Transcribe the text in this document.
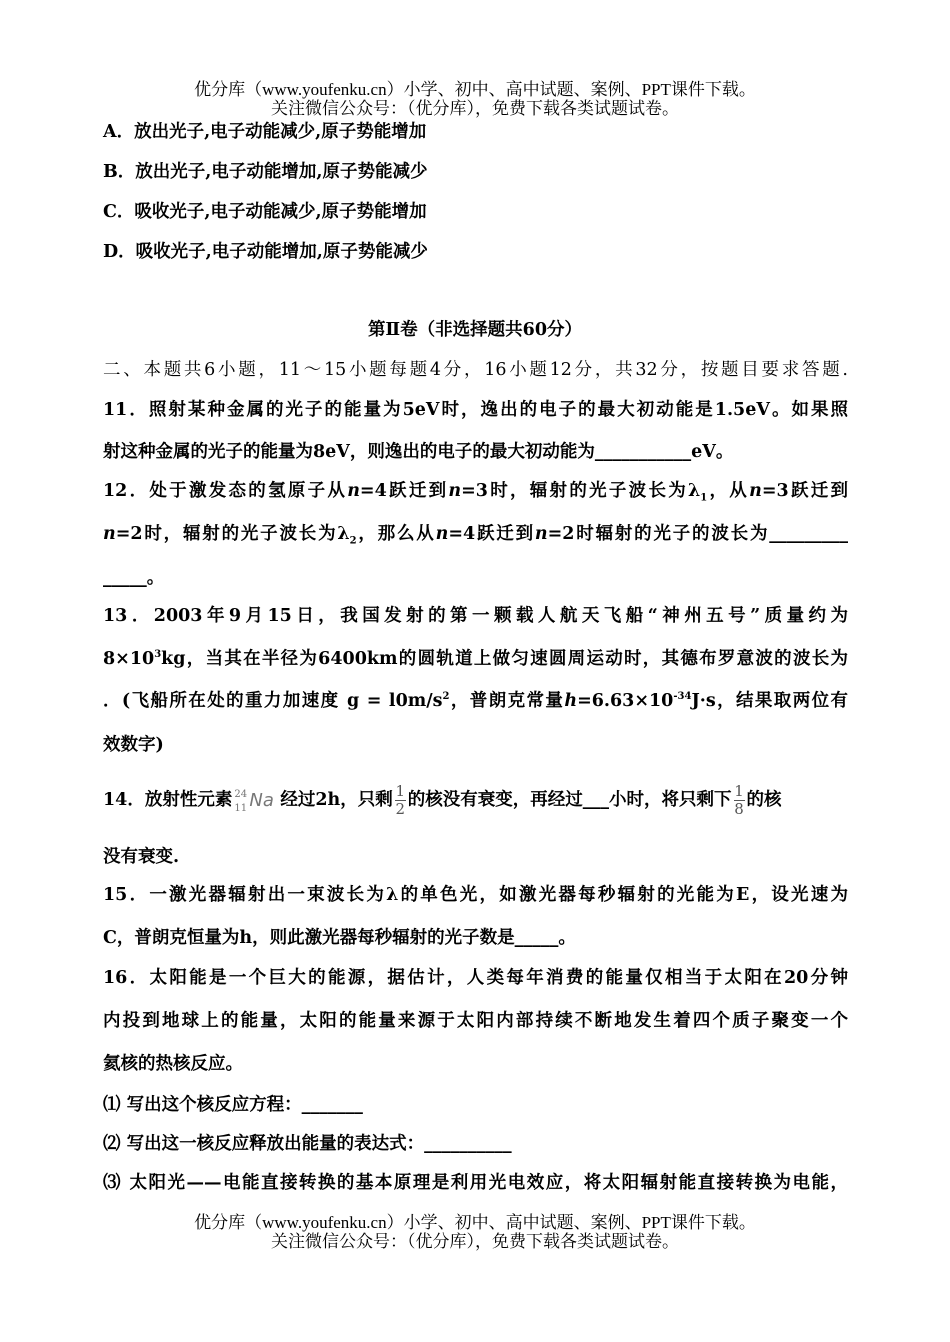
优分库（www.youfenku.cn）小学、初中、高中试题、案例、PPT课件下载。
关注微信公众号：（优分库），免费下载各类试题试卷。
A．放出光子,电子动能减少,原子势能增加
B．放出光子,电子动能增加,原子势能减少
C．吸收光子,电子动能减少,原子势能增加
D．吸收光子,电子动能增加,原子势能减少
第Ⅱ卷（非选择题共60分）
二、本题共6小题，11～15小题每题4分，16小题12分，共32分，按题目要求答题.
11．照射某种金属的光子的能量为5eV时，逸出的电子的最大初动能是1.5eV。如果照
射这种金属的光子的能量为8eV，则逸出的电子的最大初动能为___________eV。
12．处于激发态的氢原子从n=4跃迁到n=3时，辐射的光子波长为$\lambda_1$，从n=3跃迁到
n=2时，辐射的光子波长为$\lambda_2$，那么从n=4跃迁到n=2时辐射的光子的波长为_________
_____。
13．2003年9月15日，我国发射的第一颗载人航天飞船“神州五号”质量约为
$8\times 10^3kg$，当其在半径为6400km的圆轨道上做匀速圆周运动时，其德布罗意波的波长为
．(飞船所在处的重力加速度 $g = l0m/s^2$，普朗克常量$h=6.63\times 10^{-34}J\cdot s$，结果取两位有
效数字)
14．放射性元素 24
11 Na 经过2h，只剩 $\frac{1}{2}$ 的核没有衰变，再经过___小时，将只剩下 $\frac{1}{8}$ 的核
没有衰变.
15．一激光器辐射出一束波长为λ的单色光，如激光器每秒辐射的光能为E，设光速为
C，普朗克恒量为h，则此激光器每秒辐射的光子数是_____。
16．太阳能是一个巨大的能源，据估计，人类每年消费的能量仅相当于太阳在20分钟
内投到地球上的能量，太阳的能量来源于太阳内部持续不断地发生着四个质子聚变一个
氦核的热核反应。
⑴ 写出这个核反应方程：_______
⑵ 写出这一核反应释放出能量的表达式：__________
⑶ 太阳光——电能直接转换的基本原理是利用光电效应，将太阳辐射能直接转换为电能，
优分库（www.youfenku.cn）小学、初中、高中试题、案例、PPT课件下载。
关注微信公众号：（优分库），免费下载各类试题试卷。
